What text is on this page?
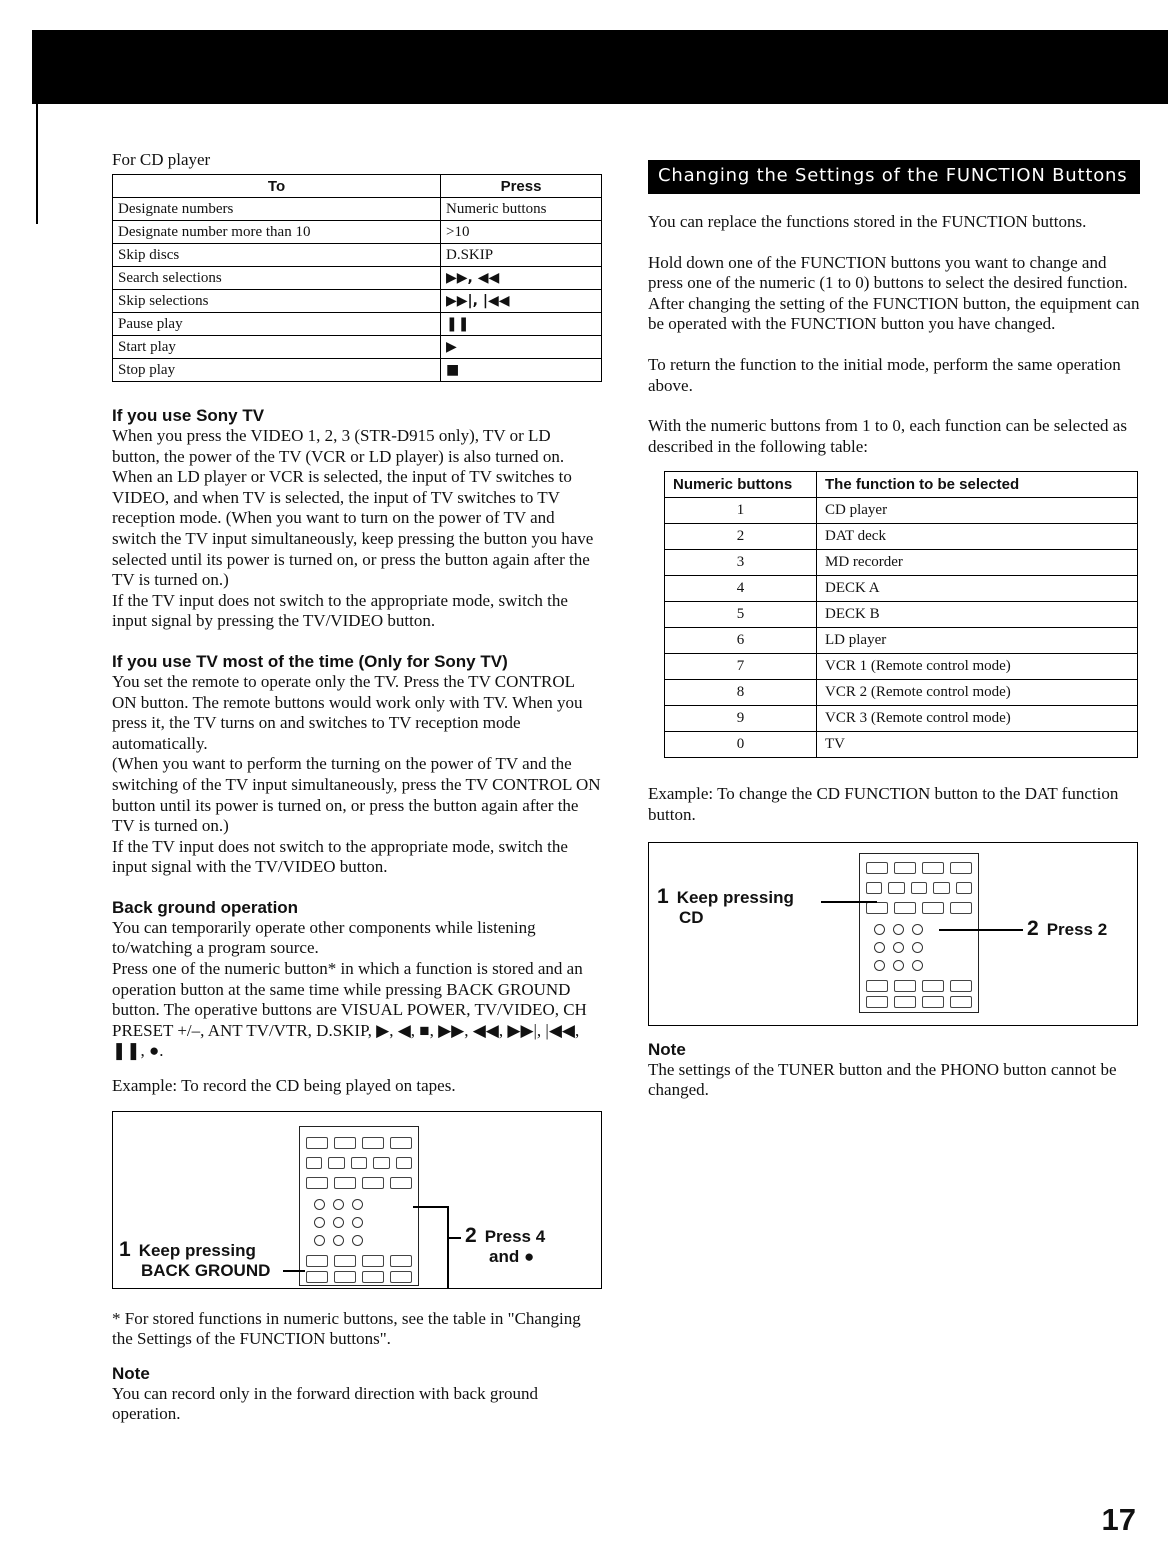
For CD player

To	Press
Designate numbers	Numeric buttons
Designate number more than 10	>10
Skip discs	D.SKIP
Search selections	▶▶, ◀◀
Skip selections	▶▶|, |◀◀
Pause play	❚❚
Start play	▶
Stop play	■

If you use Sony TV

When you press the VIDEO 1, 2, 3 (STR-D915 only), TV or LD button, the power of the TV (VCR or LD player) is also turned on.

When an LD player or VCR is selected, the input of TV switches to VIDEO, and when TV is selected, the input of TV switches to TV reception mode. (When you want to turn on the power of TV and switch the TV input simultaneously, keep pressing the button you have selected until its power is turned on, or press the button again after the TV is turned on.)

If the TV input does not switch to the appropriate mode, switch the input signal by pressing the TV/VIDEO button.

If you use TV most of the time (Only for Sony TV)

You set the remote to operate only the TV. Press the TV CONTROL ON button. The remote buttons would work only with TV. When you press it, the TV turns on and switches to TV reception mode automatically.

(When you want to perform the turning on the power of TV and the switching of the TV input simultaneously, press the TV CONTROL ON button until its power is turned on, or press the button again after the TV is turned on.)

If the TV input does not switch to the appropriate mode, switch the input signal with the TV/VIDEO button.

Back ground operation

You can temporarily operate other components while listening to/watching a program source.

Press one of the numeric button* in which a function is stored and an operation button at the same time while pressing BACK GROUND button. The operative buttons are VISUAL POWER, TV/VIDEO, CH PRESET +/–, ANT TV/VTR, D.SKIP, ▶, ◀, ■, ▶▶, ◀◀, ▶▶|, |◀◀, ❚❚, ●.

Example: To record the CD being played on tapes.

1 Keep pressing
BACK GROUND
2 Press 4
and ●

* For stored functions in numeric buttons, see the table in "Changing the Settings of the FUNCTION buttons".

Note

You can record only in the forward direction with back ground operation.

Changing the Settings of the FUNCTION Buttons

You can replace the functions stored in the FUNCTION buttons.

Hold down one of the FUNCTION buttons you want to change and press one of the numeric (1 to 0) buttons to select the desired function.

After changing the setting of the FUNCTION button, the equipment can be operated with the FUNCTION button you have changed.

To return the function to the initial mode, perform the same operation above.

With the numeric buttons from 1 to 0, each function can be selected as described in the following table:

Numeric buttons	The function to be selected
1	CD player
2	DAT deck
3	MD recorder
4	DECK A
5	DECK B
6	LD player
7	VCR 1 (Remote control mode)
8	VCR 2 (Remote control mode)
9	VCR 3 (Remote control mode)
0	TV

Example: To change the CD FUNCTION button to the DAT function button.

1 Keep pressing
CD	2 Press 2

Note

The settings of the TUNER button and the PHONO button cannot be changed.

17
